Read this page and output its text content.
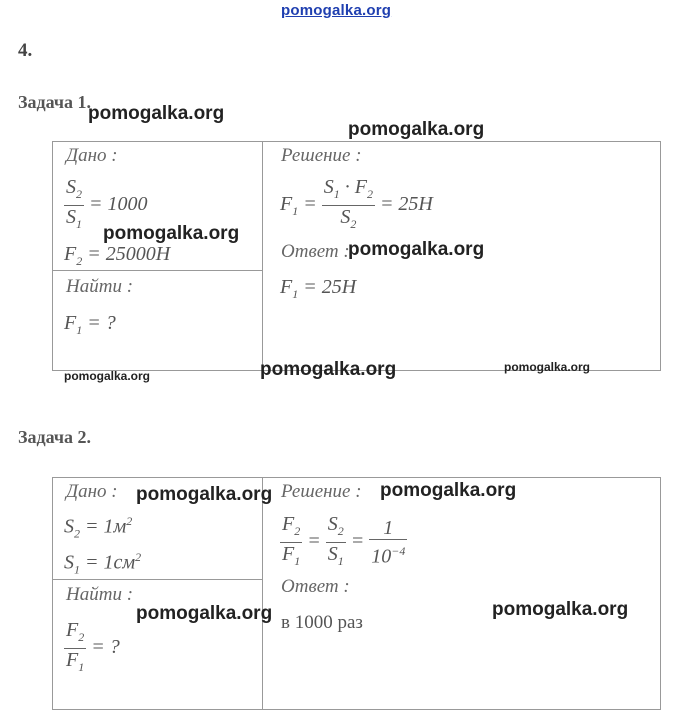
pomogalka.org
4.
Задача 1.
Дано :
$\frac{S_2}{S_1} = 1000$
$F_2 = 25000H$
Найти :
$F_1$ = ?
Решение :
$F_1 = \frac{S_1 \cdot F_2}{S_2} = 25H$
Ответ :
$F_1 = 25H$
pomogalka.org
pomogalka.org
pomogalka.org
pomogalka.org
pomogalka.org	pomogalka.org	pomogalka.org
Задача 2.
Дано :
$S_2 = 1м^2$
$S_1 = 1см^2$
Найти :
$\frac{F_2}{F_1}$ = ?
Решение :
$\frac{F_2}{F_1} = \frac{S_2}{S_1} = \frac{1}{10^{-4}}$
Ответ :
в 1000 раз
pomogalka.org	pomogalka.org
pomogalka.org	pomogalka.org
